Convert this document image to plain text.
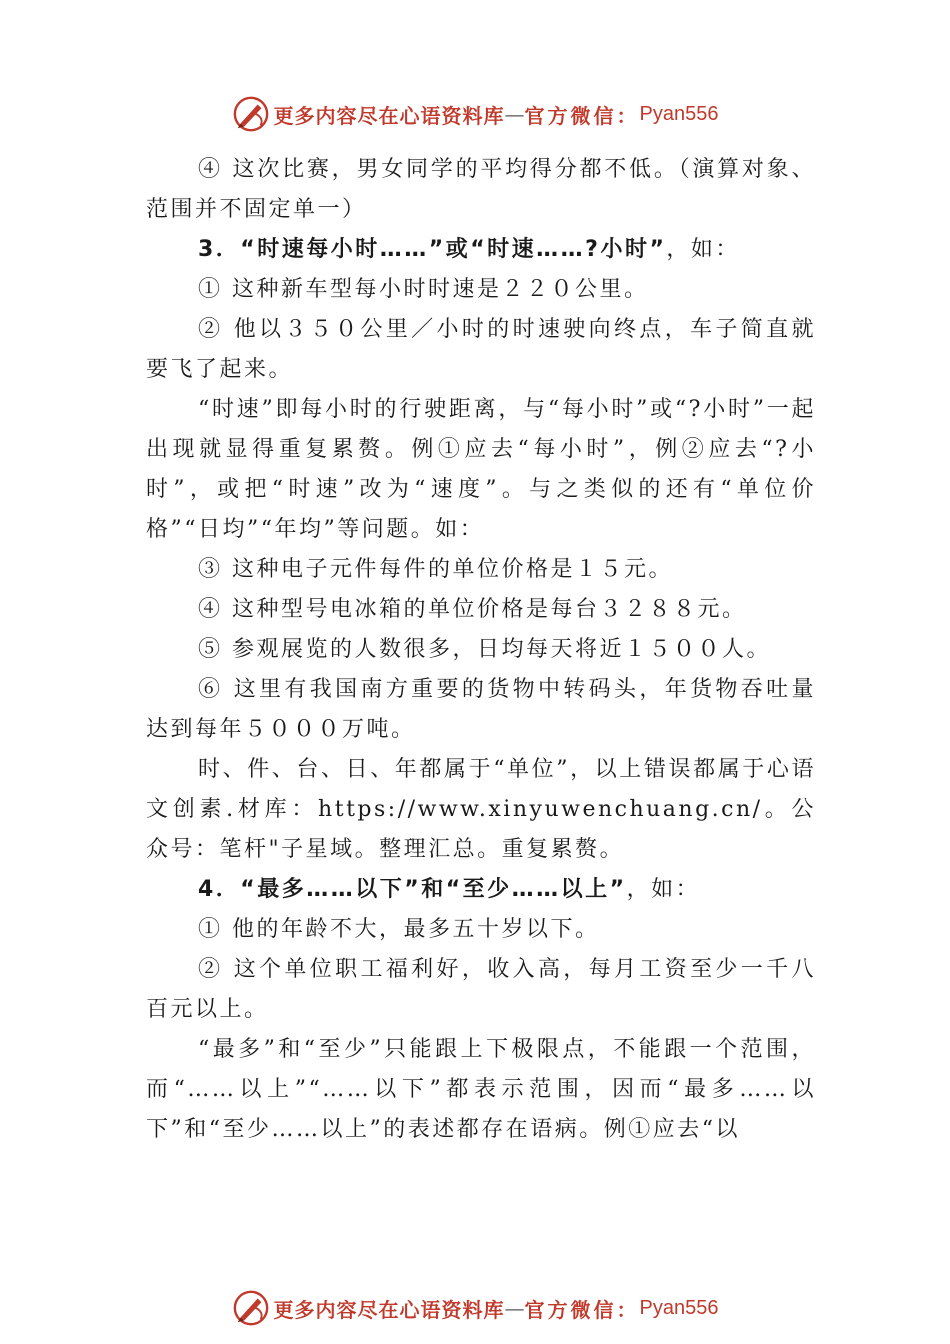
更多内容尽在心语资料库 — 官方微信： Pyan556

④ 这次比赛，男女同学的平均得分都不低。（演算对象、范围并不固定单一）

3．“时速每小时……”或“时速……?小时”，如：

① 这种新车型每小时时速是２２０公里。

② 他以３５０公里／小时的时速驶向终点，车子简直就要飞了起来。

“时速”即每小时的行驶距离，与“每小时”或“?小时”一起出现就显得重复累赘。例①应去“每小时”，例②应去“?小时”，或把“时速”改为“速度”。与之类似的还有“单位价格”“日均”“年均”等问题。如：

③ 这种电子元件每件的单位价格是１５元。

④ 这种型号电冰箱的单位价格是每台３２８８元。

⑤ 参观展览的人数很多，日均每天将近１５００人。

⑥ 这里有我国南方重要的货物中转码头，年货物吞吐量达到每年５０００万吨。

时、件、台、日、年都属于“单位”，以上错误都属于心语文创素.材库：https://www.xinyuwenchuang.cn/。公众号：笔杆"子星域。整理汇总。重复累赘。

4．“最多……以下”和“至少……以上”，如：

① 他的年龄不大，最多五十岁以下。

② 这个单位职工福利好，收入高，每月工资至少一千八百元以上。

“最多”和“至少”只能跟上下极限点，不能跟一个范围，而“……以上”“……以下”都表示范围，因而“最多……以下”和“至少……以上”的表述都存在语病。例①应去“以

更多内容尽在心语资料库 — 官方微信： Pyan556
